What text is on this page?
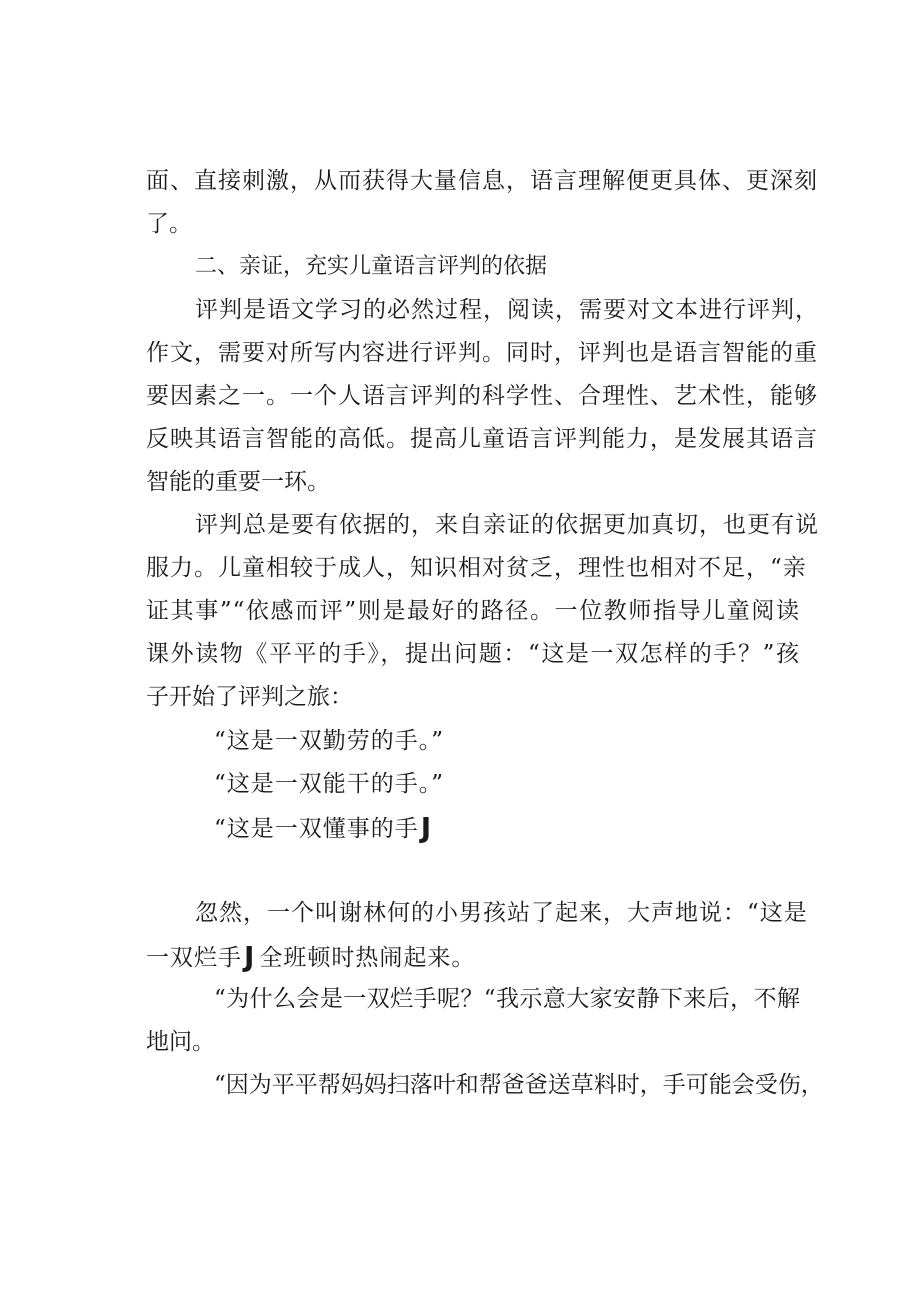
面、直接刺激，从而获得大量信息，语言理解便更具体、更深刻
了。
二、亲证，充实儿童语言评判的依据
评判是语文学习的必然过程，阅读，需要对文本进行评判，
作文，需要对所写内容进行评判。同时，评判也是语言智能的重
要因素之一。一个人语言评判的科学性、合理性、艺术性，能够
反映其语言智能的高低。提高儿童语言评判能力，是发展其语言
智能的重要一环。
评判总是要有依据的，来自亲证的依据更加真切，也更有说
服力。儿童相较于成人，知识相对贫乏，理性也相对不足，“亲
证其事”“依感而评”则是最好的路径。一位教师指导儿童阅读
课外读物《平平的手》，提出问题：“这是一双怎样的手？”孩
子开始了评判之旅：
“这是一双勤劳的手。”
“这是一双能干的手。”
“这是一双懂事的手J
忽然，一个叫谢林何的小男孩站了起来，大声地说：“这是
一双烂手J 全班顿时热闹起来。
“为什么会是一双烂手呢？“我示意大家安静下来后，不解
地问。
“因为平平帮妈妈扫落叶和帮爸爸送草料时，手可能会受伤，
